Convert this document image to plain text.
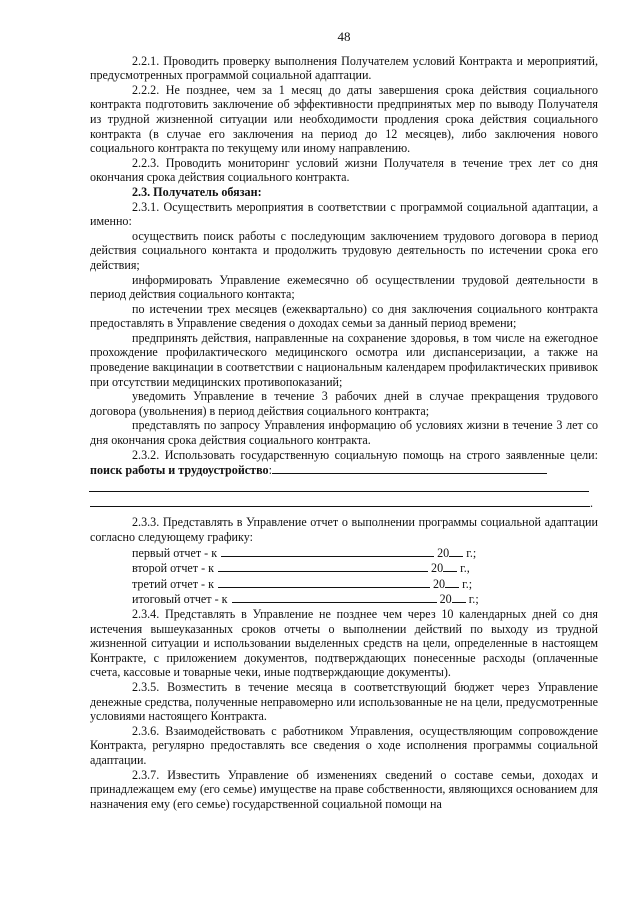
48

2.2.1. Проводить проверку выполнения Получателем условий Контракта и мероприятий, предусмотренных программой социальной адаптации.

2.2.2. Не позднее, чем за 1 месяц до даты завершения срока действия социального контракта подготовить заключение об эффективности предпринятых мер по выводу Получателя из трудной жизненной ситуации или необходимости продления срока действия социального контракта (в случае его заключения на период до 12 месяцев), либо заключения нового социального контракта по текущему или иному направлению.

2.2.3. Проводить мониторинг условий жизни Получателя в течение трех лет со дня окончания срока действия социального контракта.

2.3. Получатель обязан:

2.3.1. Осуществить мероприятия в соответствии с программой социальной адаптации, а именно:

осуществить поиск работы с последующим заключением трудового договора в период действия социального контакта и продолжить трудовую деятельность по истечении срока его действия;

информировать Управление ежемесячно об осуществлении трудовой деятельности в период действия социального контакта;

по истечении трех месяцев (ежеквартально) со дня заключения социального контракта предоставлять в Управление сведения о доходах семьи за данный период времени;

предпринять действия, направленные на сохранение здоровья, в том числе на ежегодное прохождение профилактического медицинского осмотра или диспансеризации, а также на проведение вакцинации в соответствии с национальным календарем профилактических прививок при отсутствии медицинских противопоказаний;

уведомить Управление в течение 3 рабочих дней в случае прекращения трудового договора (увольнения) в период действия социального контракта;

представлять по запросу Управления информацию об условиях жизни в течение 3 лет со дня окончания срока действия социального контракта.

2.3.2. Использовать государственную социальную помощь на строго заявленные цели: поиск работы и трудоустройство:

.

2.3.3. Представлять в Управление отчет о выполнении программы социальной адаптации согласно следующему графику:

первый отчет - к	20 г.;
второй отчет - к	20 г.,
третий отчет - к	20 г.;
итоговый отчет - к	20 г.;

2.3.4. Представлять в Управление не позднее чем через 10 календарных дней со дня истечения вышеуказанных сроков отчеты о выполнении действий по выходу из трудной жизненной ситуации и использовании выделенных средств на цели, определенные в настоящем Контракте, с приложением документов, подтверждающих понесенные расходы (оплаченные счета, кассовые и товарные чеки, иные подтверждающие документы).

2.3.5. Возместить в течение месяца в соответствующий бюджет через Управление денежные средства, полученные неправомерно или использованные не на цели, предусмотренные условиями настоящего Контракта.

2.3.6. Взаимодействовать с работником Управления, осуществляющим сопровождение Контракта, регулярно предоставлять все сведения о ходе исполнения программы социальной адаптации.

2.3.7. Известить Управление об изменениях сведений о составе семьи, доходах и принадлежащем ему (его семье) имуществе на праве собственности, являющихся основанием для назначения ему (его семье) государственной социальной помощи на
